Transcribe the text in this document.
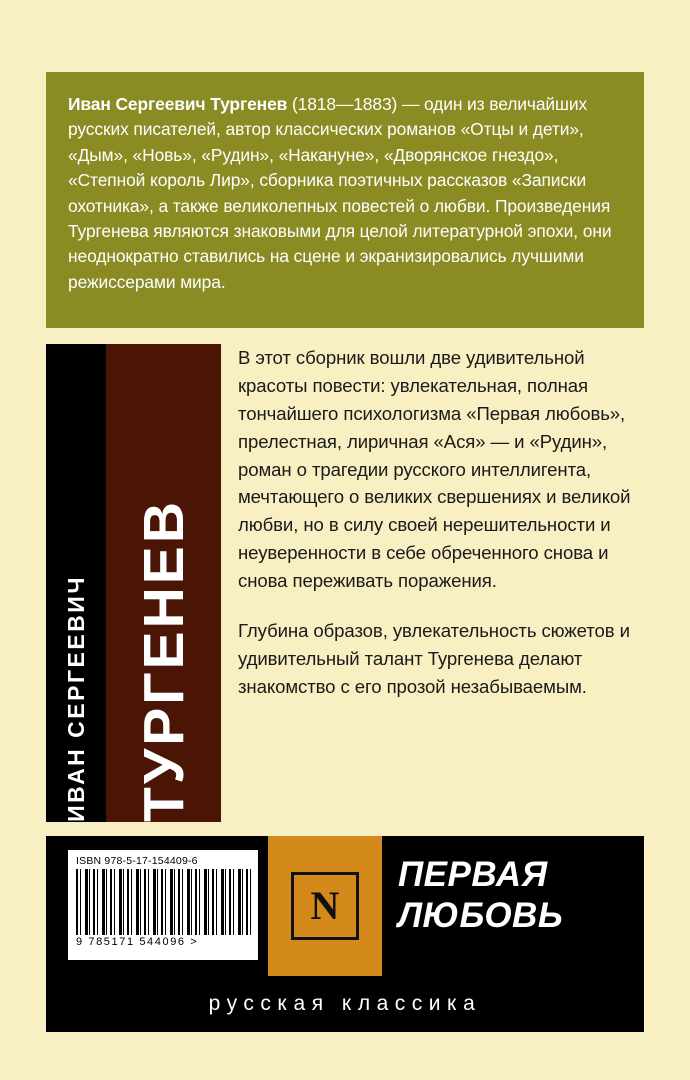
Иван Сергеевич Тургенев (1818—1883) — один из величайших русских писателей, автор классических романов «Отцы и дети», «Дым», «Новь», «Рудин», «Накануне», «Дворянское гнездо», «Степной король Лир», сборника поэтичных рассказов «Записки охотника», а также великолепных повестей о любви. Произведения Тургенева являются знаковыми для целой литературной эпохи, они неоднократно ставились на сцене и экранизировались лучшими режиссерами мира.

ИВАН СЕРГЕЕВИЧ ТУРГЕНЕВ

В этот сборник вошли две удивительной красоты повести: увлекательная, полная тончайшего психологизма «Первая любовь», прелестная, лиричная «Ася» — и «Рудин», роман о трагедии русского интеллигента, мечтающего о великих свершениях и великой любви, но в силу своей нерешительности и неуверенности в себе обреченного снова и снова переживать поражения.

Глубина образов, увлекательность сюжетов и удивительный талант Тургенева делают знакомство с его прозой незабываемым.

ISBN 978-5-17-154409-6
9 785171 544096 >
N
ПЕРВАЯ ЛЮБОВЬ
русская классика
